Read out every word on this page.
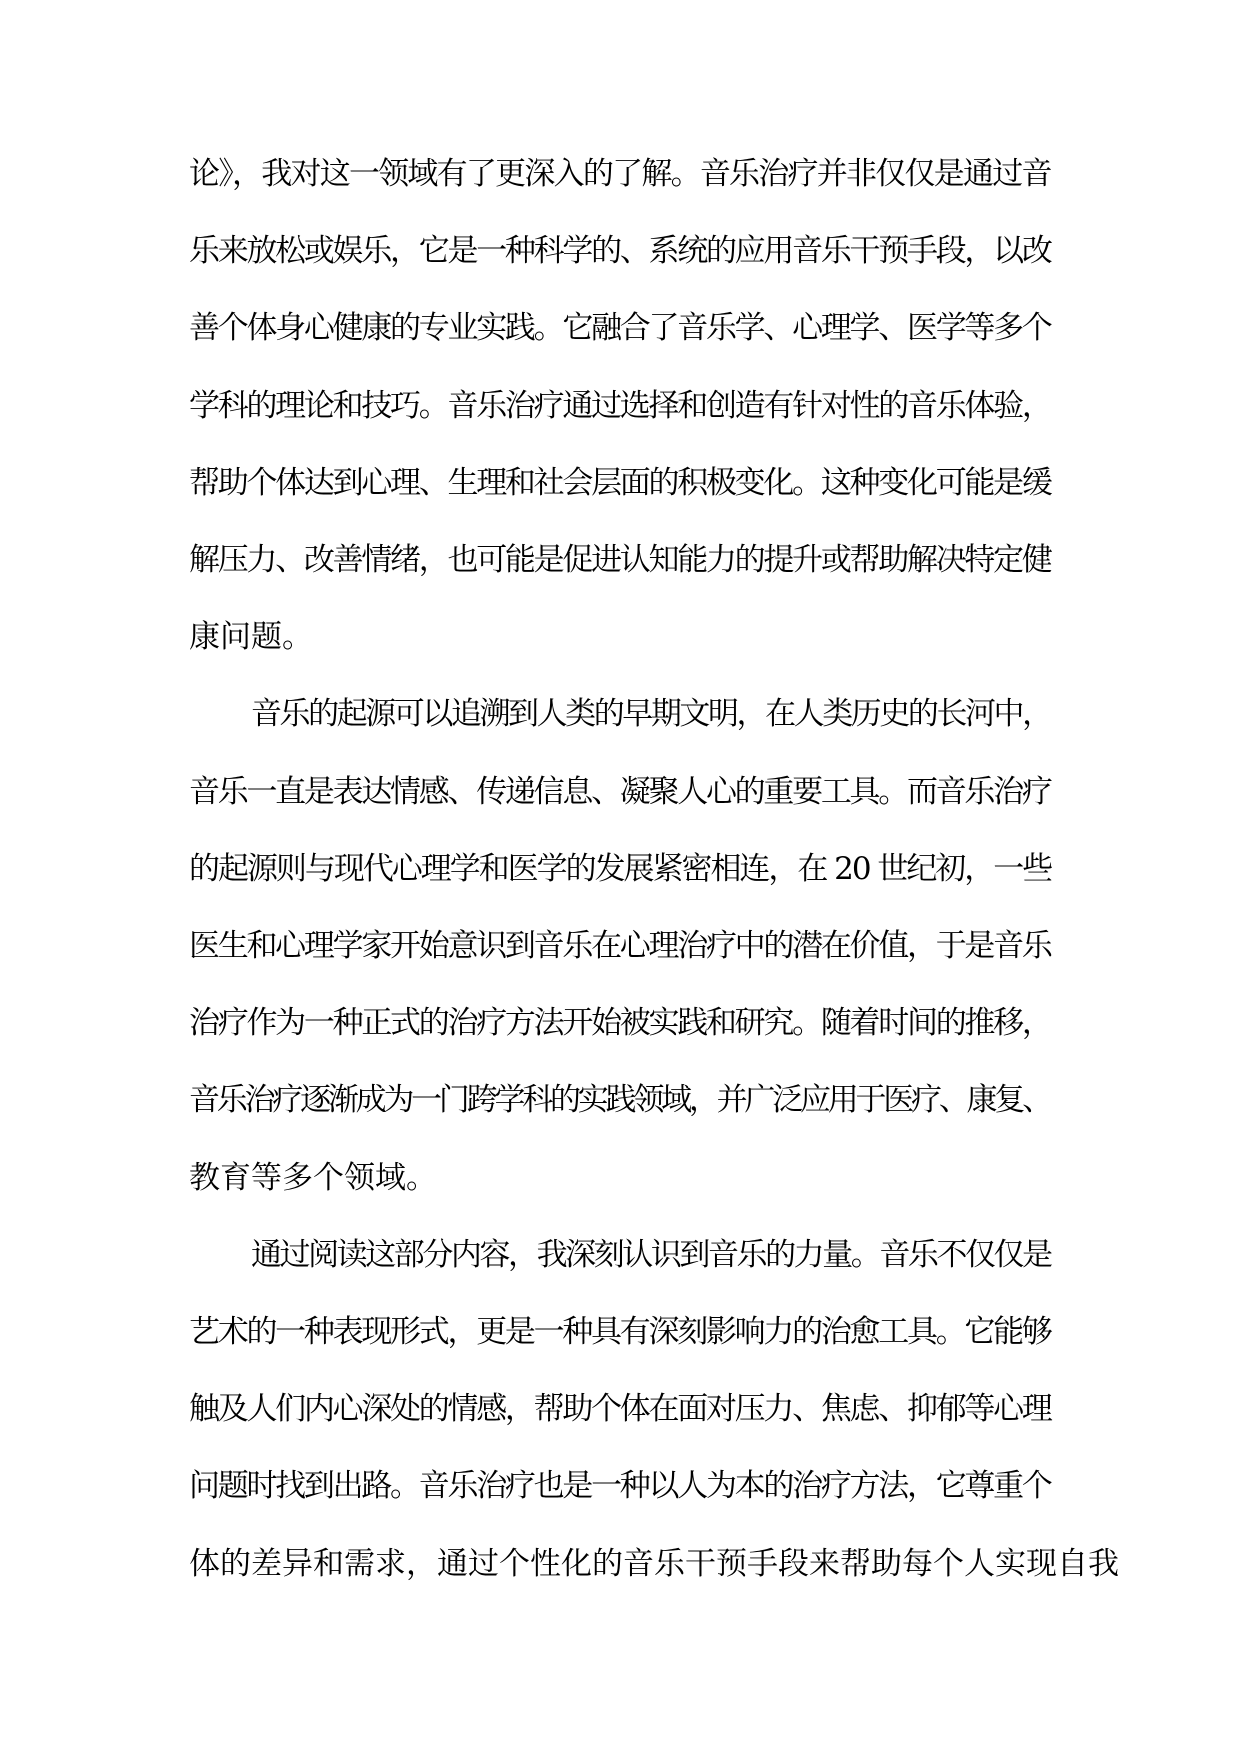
论》，我对这一领域有了更深入的了解。音乐治疗并非仅仅是通过音
乐来放松或娱乐，它是一种科学的、系统的应用音乐干预手段，以改
善个体身心健康的专业实践。它融合了音乐学、心理学、医学等多个
学科的理论和技巧。音乐治疗通过选择和创造有针对性的音乐体验，
帮助个体达到心理、生理和社会层面的积极变化。这种变化可能是缓
解压力、改善情绪，也可能是促进认知能力的提升或帮助解决特定健
康问题。
音乐的起源可以追溯到人类的早期文明，在人类历史的长河中，
音乐一直是表达情感、传递信息、凝聚人心的重要工具。而音乐治疗
的起源则与现代心理学和医学的发展紧密相连，在 20 世纪初，一些
医生和心理学家开始意识到音乐在心理治疗中的潜在价值，于是音乐
治疗作为一种正式的治疗方法开始被实践和研究。随着时间的推移，
音乐治疗逐渐成为一门跨学科的实践领域，并广泛应用于医疗、康复、
教育等多个领域。
通过阅读这部分内容，我深刻认识到音乐的力量。音乐不仅仅是
艺术的一种表现形式，更是一种具有深刻影响力的治愈工具。它能够
触及人们内心深处的情感，帮助个体在面对压力、焦虑、抑郁等心理
问题时找到出路。音乐治疗也是一种以人为本的治疗方法，它尊重个
体的差异和需求，通过个性化的音乐干预手段来帮助每个人实现自我
